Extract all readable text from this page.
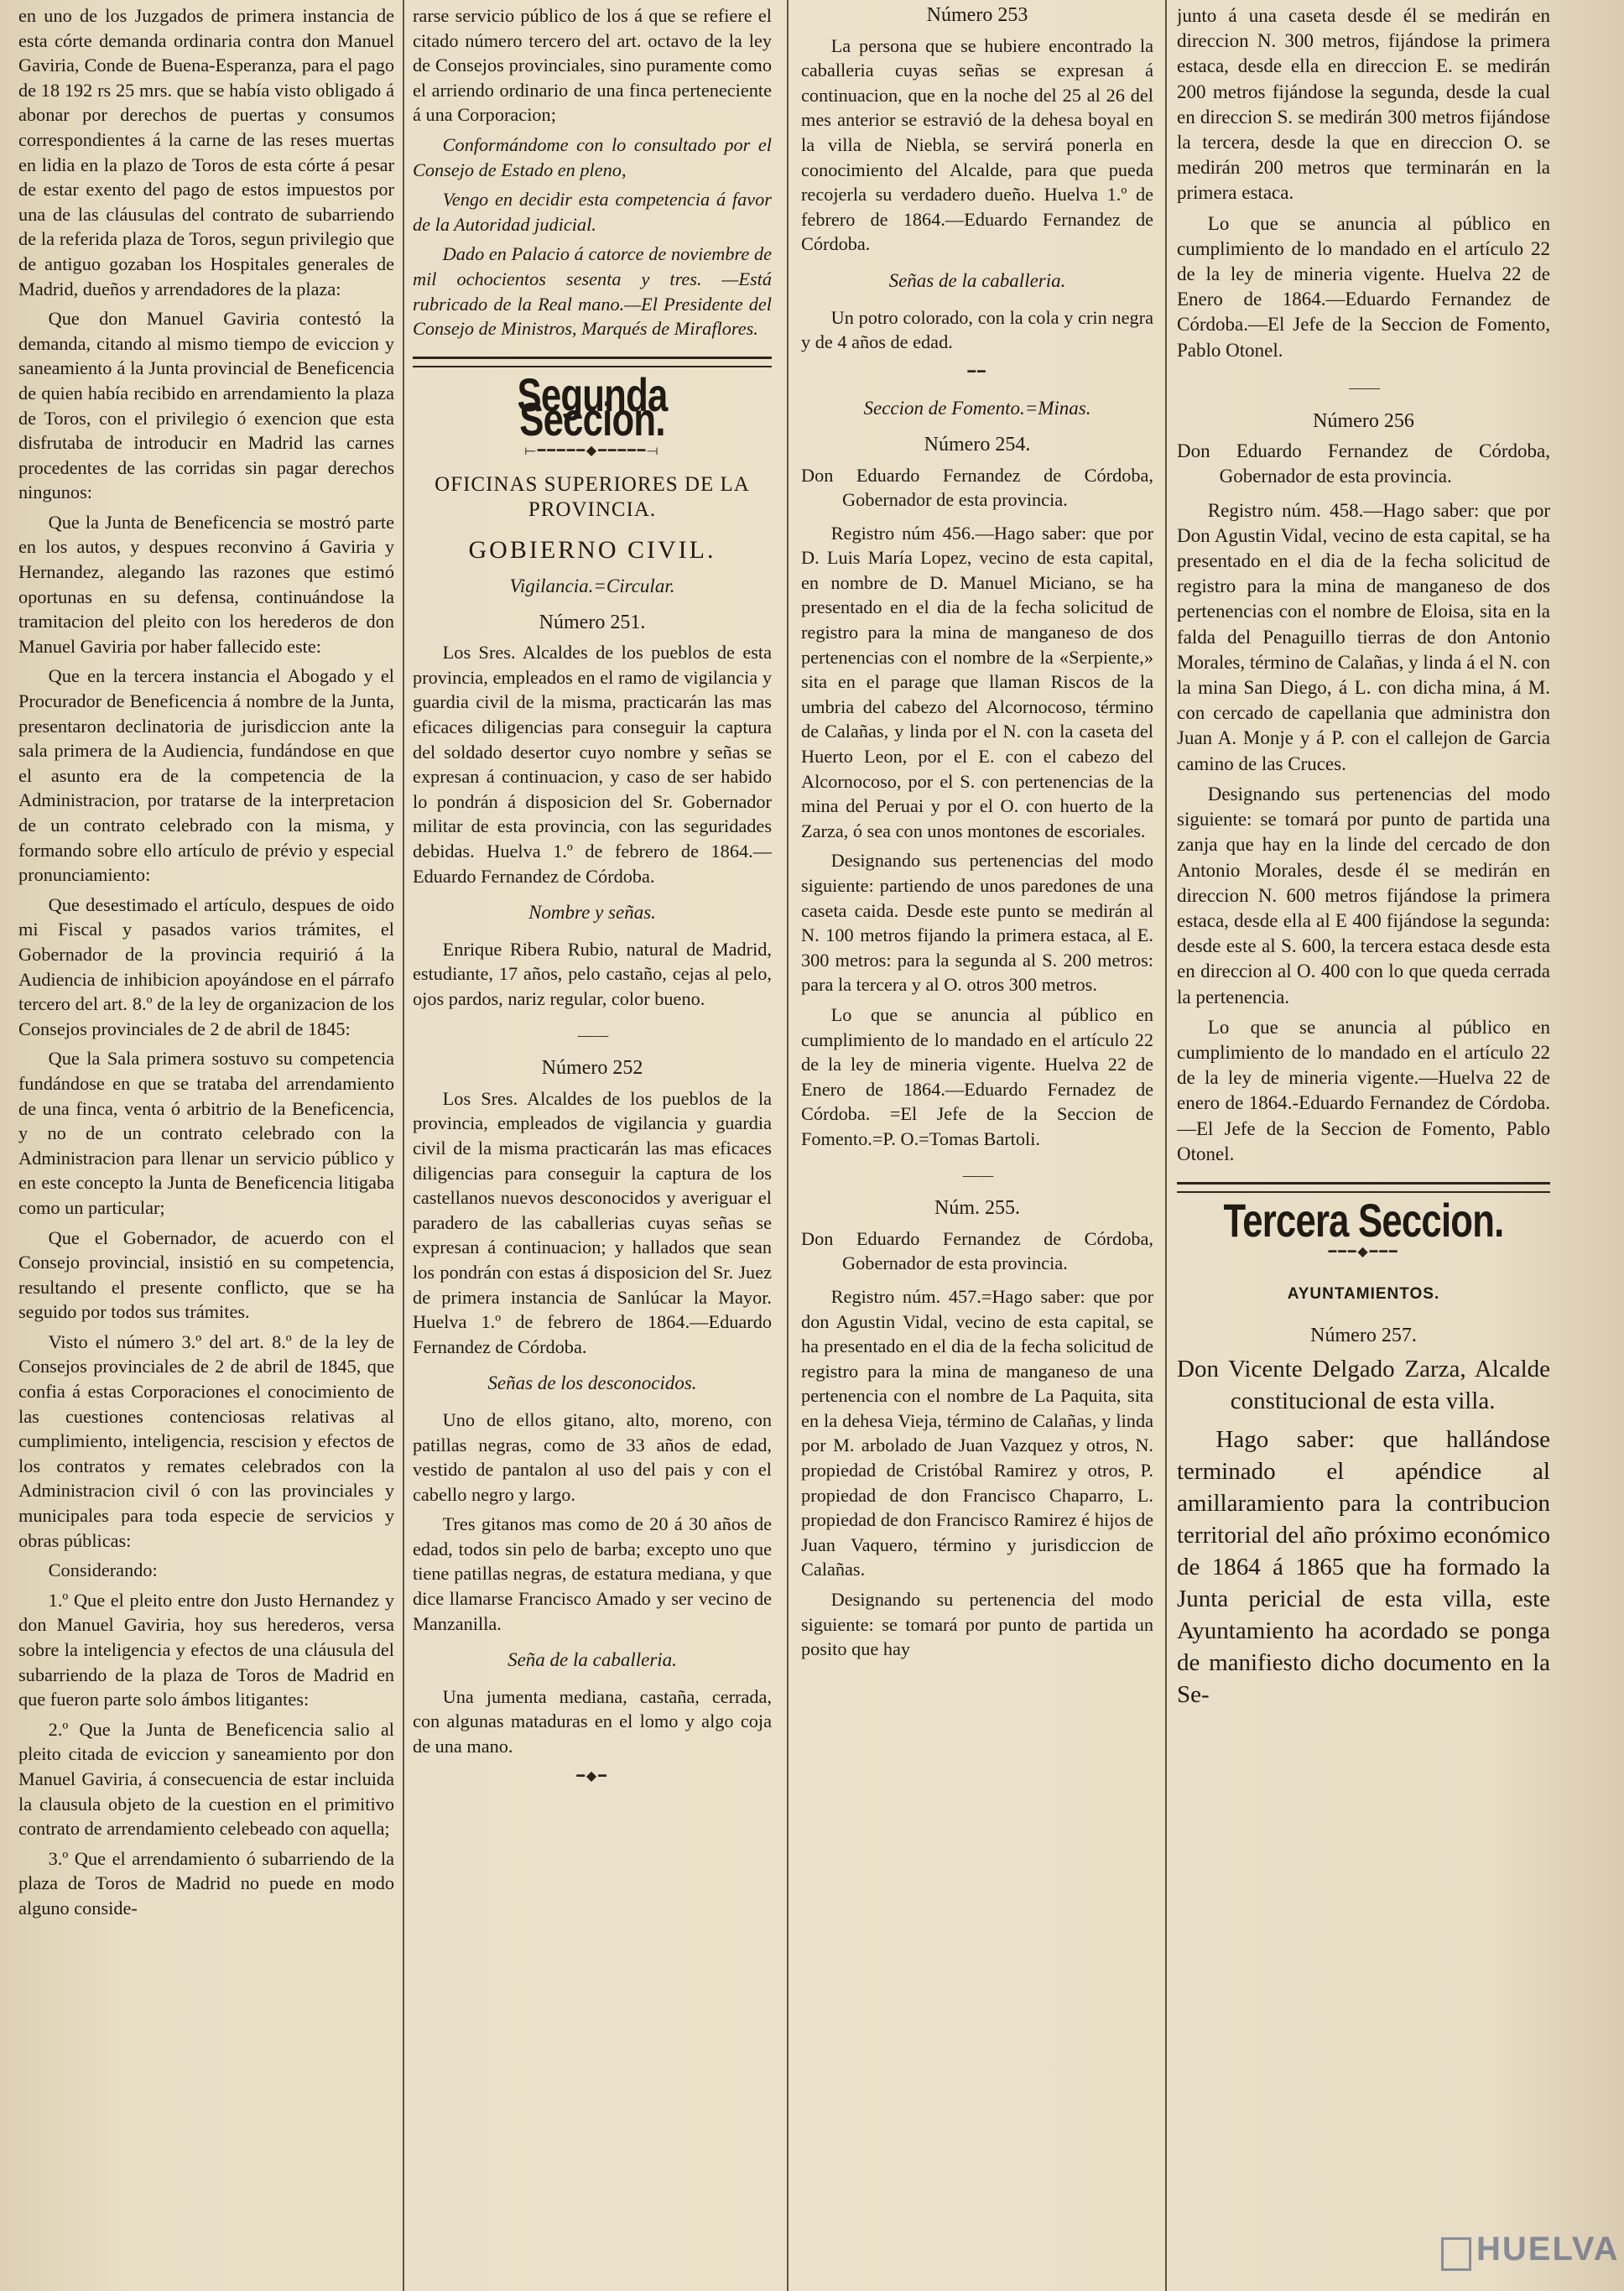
en uno de los Juzgados de primera instancia de esta córte demanda ordinaria contra don Manuel Gaviria, Conde de Buena-Esperanza, para el pago de 18 192 rs 25 mrs. que se había visto obligado á abonar por derechos de puertas y consumos correspondientes á la carne de las reses muertas en lidia en la plazo de Toros de esta córte á pesar de estar exento del pago de estos impuestos por una de las cláusulas del contrato de subarriendo de la referida plaza de Toros, segun privilegio que de antiguo gozaban los Hospitales generales de Madrid, dueños y arrendadores de la plaza:

Que don Manuel Gaviria contestó la demanda, citando al mismo tiempo de eviccion y saneamiento á la Junta provincial de Beneficencia de quien había recibido en arrendamiento la plaza de Toros, con el privilegio ó exencion que esta disfrutaba de introducir en Madrid las carnes procedentes de las corridas sin pagar derechos ningunos:

Que la Junta de Beneficencia se mostró parte en los autos, y despues reconvino á Gaviria y Hernandez, alegando las razones que estimó oportunas en su defensa, continuándose la tramitacion del pleito con los herederos de don Manuel Gaviria por haber fallecido este:

Que en la tercera instancia el Abogado y el Procurador de Beneficencia á nombre de la Junta, presentaron declinatoria de jurisdiccion ante la sala primera de la Audiencia, fundándose en que el asunto era de la competencia de la Administracion, por tratarse de la interpretacion de un contrato celebrado con la misma, y formando sobre ello artículo de prévio y especial pronunciamiento:

Que desestimado el artículo, despues de oido mi Fiscal y pasados varios trámites, el Gobernador de la provincia requirió á la Audiencia de inhibicion apoyándose en el párrafo tercero del art. 8.º de la ley de organizacion de los Consejos provinciales de 2 de abril de 1845:

Que la Sala primera sostuvo su competencia fundándose en que se trataba del arrendamiento de una finca, venta ó arbitrio de la Beneficencia, y no de un contrato celebrado con la Administracion para llenar un servicio público y en este concepto la Junta de Beneficencia litigaba como un particular;

Que el Gobernador, de acuerdo con el Consejo provincial, insistió en su competencia, resultando el presente conflicto, que se ha seguido por todos sus trámites.

Visto el número 3.º del art. 8.º de la ley de Consejos provinciales de 2 de abril de 1845, que confia á estas Corporaciones el conocimiento de las cuestiones contenciosas relativas al cumplimiento, inteligencia, rescision y efectos de los contratos y remates celebrados con la Administracion civil ó con las provinciales y municipales para toda especie de servicios y obras públicas:

Considerando:

1.º Que el pleito entre don Justo Hernandez y don Manuel Gaviria, hoy sus herederos, versa sobre la inteligencia y efectos de una cláusula del subarriendo de la plaza de Toros de Madrid en que fueron parte solo ámbos litigantes:

2.º Que la Junta de Beneficencia salio al pleito citada de eviccion y saneamiento por don Manuel Gaviria, á consecuencia de estar incluida la clausula objeto de la cuestion en el primitivo contrato de arrendamiento celebeado con aquella;

3.º Que el arrendamiento ó subarriendo de la plaza de Toros de Madrid no puede en modo alguno conside-

rarse servicio público de los á que se refiere el citado número tercero del art. octavo de la ley de Consejos provinciales, sino puramente como el arriendo ordinario de una finca perteneciente á una Corporacion;

Conformándome con lo consultado por el Consejo de Estado en pleno,

Vengo en decidir esta competencia á favor de la Autoridad judicial.

Dado en Palacio á catorce de noviembre de mil ochocientos sesenta y tres. —Está rubricado de la Real mano.—El Presidente del Consejo de Ministros, Marqués de Miraflores.

Segunda Seccion.
⟝━━━━━◆━━━━━⟞
OFICINAS SUPERIORES DE LA PROVINCIA.
GOBIERNO CIVIL.
Vigilancia.=Circular.
Número 251.

Los Sres. Alcaldes de los pueblos de esta provincia, empleados en el ramo de vigilancia y guardia civil de la misma, practicarán las mas eficaces diligencias para conseguir la captura del soldado desertor cuyo nombre y señas se expresan á continuacion, y caso de ser habido lo pondrán á disposicion del Sr. Gobernador militar de esta provincia, con las seguridades debidas. Huelva 1.º de febrero de 1864.—Eduardo Fernandez de Córdoba.

Nombre y señas.

Enrique Ribera Rubio, natural de Madrid, estudiante, 17 años, pelo castaño, cejas al pelo, ojos pardos, nariz regular, color bueno.

— —
Número 252

Los Sres. Alcaldes de los pueblos de la provincia, empleados de vigilancia y guardia civil de la misma practicarán las mas eficaces diligencias para conseguir la captura de los castellanos nuevos desconocidos y averiguar el paradero de las caballerias cuyas señas se expresan á continuacion; y hallados que sean los pondrán con estas á disposicion del Sr. Juez de primera instancia de Sanlúcar la Mayor. Huelva 1.º de febrero de 1864.—Eduardo Fernandez de Córdoba.

Señas de los desconocidos.

Uno de ellos gitano, alto, moreno, con patillas negras, como de 33 años de edad, vestido de pantalon al uso del pais y con el cabello negro y largo.

Tres gitanos mas como de 20 á 30 años de edad, todos sin pelo de barba; excepto uno que tiene patillas negras, de estatura mediana, y que dice llamarse Francisco Amado y ser vecino de Manzanilla.

Seña de la caballeria.

Una jumenta mediana, castaña, cerrada, con algunas mataduras en el lomo y algo coja de una mano.

━◆━
Número 253

La persona que se hubiere encontrado la caballeria cuyas señas se expresan á continuacion, que en la noche del 25 al 26 del mes anterior se estravió de la dehesa boyal en la villa de Niebla, se servirá ponerla en conocimiento del Alcalde, para que pueda recojerla su verdadero dueño. Huelva 1.º de febrero de 1864.—Eduardo Fernandez de Córdoba.

Señas de la caballeria.

Un potro colorado, con la cola y crin negra y de 4 años de edad.

━━
Seccion de Fomento.=Minas.
Número 254.

Don Eduardo Fernandez de Córdoba, Gobernador de esta provincia.

Registro núm 456.—Hago saber: que por D. Luis María Lopez, vecino de esta capital, en nombre de D. Manuel Miciano, se ha presentado en el dia de la fecha solicitud de registro para la mina de manganeso de dos pertenencias con el nombre de la «Serpiente,» sita en el parage que llaman Riscos de la umbria del cabezo del Alcornocoso, término de Calañas, y linda por el N. con la caseta del Huerto Leon, por el E. con el cabezo del Alcornocoso, por el S. con pertenencias de la mina del Peruai y por el O. con huerto de la Zarza, ó sea con unos montones de escoriales.

Designando sus pertenencias del modo siguiente: partiendo de unos paredones de una caseta caida. Desde este punto se medirán al N. 100 metros fijando la primera estaca, al E. 300 metros: para la segunda al S. 200 metros: para la tercera y al O. otros 300 metros.

Lo que se anuncia al público en cumplimiento de lo mandado en el artículo 22 de la ley de mineria vigente. Huelva 22 de Enero de 1864.—Eduardo Fernadez de Córdoba. =El Jefe de la Seccion de Fomento.=P. O.=Tomas Bartoli.

— —
Núm. 255.

Don Eduardo Fernandez de Córdoba, Gobernador de esta provincia.

Registro núm. 457.=Hago saber: que por don Agustin Vidal, vecino de esta capital, se ha presentado en el dia de la fecha solicitud de registro para la mina de manganeso de una pertenencia con el nombre de La Paquita, sita en la dehesa Vieja, término de Calañas, y linda por M. arbolado de Juan Vazquez y otros, N. propiedad de Cristóbal Ramirez y otros, P. propiedad de don Francisco Chaparro, L. propiedad de don Francisco Ramirez é hijos de Juan Vaquero, término y jurisdiccion de Calañas.

Designando su pertenencia del modo siguiente: se tomará por punto de partida un posito que hay

junto á una caseta desde él se medirán en direccion N. 300 metros, fijándose la primera estaca, desde ella en direccion E. se medirán 200 metros fijándose la segunda, desde la cual en direccion S. se medirán 300 metros fijándose la tercera, desde la que en direccion O. se medirán 200 metros que terminarán en la primera estaca.

Lo que se anuncia al público en cumplimiento de lo mandado en el artículo 22 de la ley de mineria vigente. Huelva 22 de Enero de 1864.—Eduardo Fernandez de Córdoba.—El Jefe de la Seccion de Fomento, Pablo Otonel.

— —
Número 256

Don Eduardo Fernandez de Córdoba, Gobernador de esta provincia.

Registro núm. 458.—Hago saber: que por Don Agustin Vidal, vecino de esta capital, se ha presentado en el dia de la fecha solicitud de registro para la mina de manganeso de dos pertenencias con el nombre de Eloisa, sita en la falda del Penaguillo tierras de don Antonio Morales, término de Calañas, y linda á el N. con la mina San Diego, á L. con dicha mina, á M. con cercado de capellania que administra don Juan A. Monje y á P. con el callejon de Garcia camino de las Cruces.

Designando sus pertenencias del modo siguiente: se tomará por punto de partida una zanja que hay en la linde del cercado de don Antonio Morales, desde él se medirán en direccion N. 600 metros fijándose la primera estaca, desde ella al E 400 fijándose la segunda: desde este al S. 600, la tercera estaca desde esta en direccion al O. 400 con lo que queda cerrada la pertenencia.

Lo que se anuncia al público en cumplimiento de lo mandado en el artículo 22 de la ley de mineria vigente.—Huelva 22 de enero de 1864.-Eduardo Fernandez de Córdoba.—El Jefe de la Seccion de Fomento, Pablo Otonel.

Tercera Seccion.
━━━◆━━━
AYUNTAMIENTOS.
Número 257.

Don Vicente Delgado Zarza, Alcalde constitucional de esta villa.

Hago saber: que hallándose terminado el apéndice al amillaramiento para la contribucion territorial del año próximo económico de 1864 á 1865 que ha formado la Junta pericial de esta villa, este Ayuntamiento ha acordado se ponga de manifiesto dicho documento en la Se-

HUELVA
